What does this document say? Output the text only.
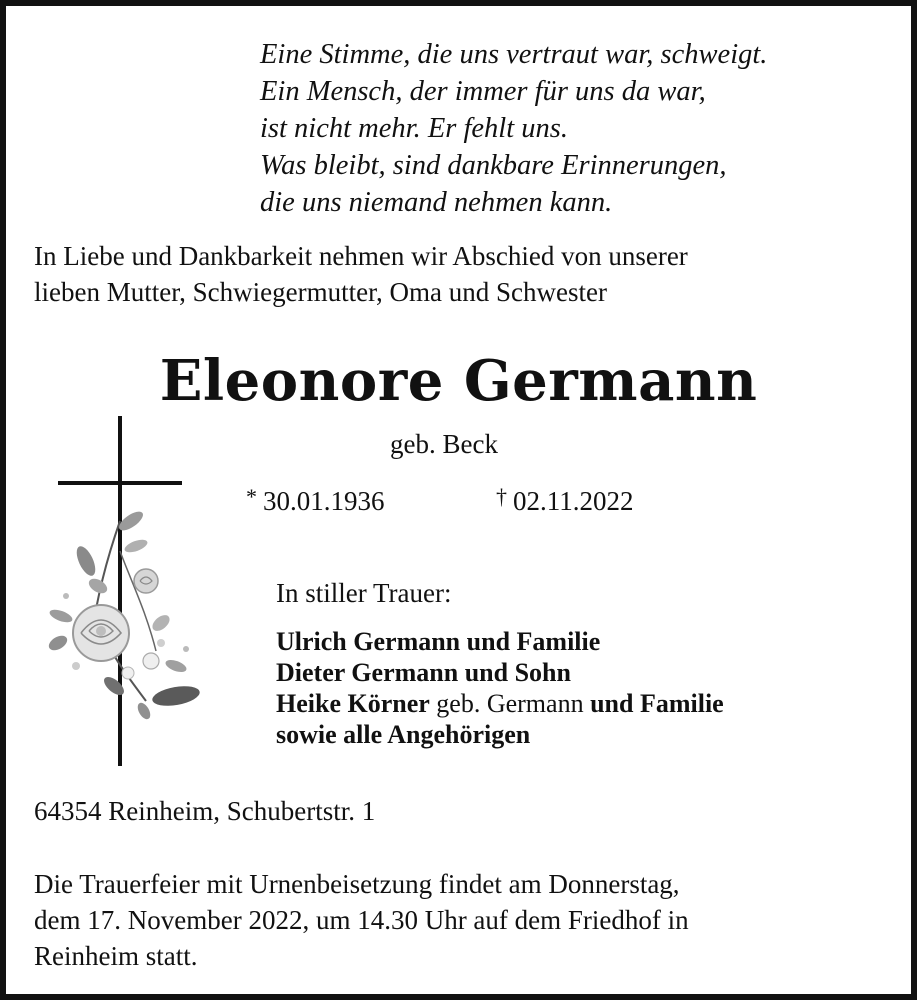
Eine Stimme, die uns vertraut war, schweigt.
Ein Mensch, der immer für uns da war,
ist nicht mehr. Er fehlt uns.
Was bleibt, sind dankbare Erinnerungen,
die uns niemand nehmen kann.
In Liebe und Dankbarkeit nehmen wir Abschied von unserer
lieben Mutter, Schwiegermutter, Oma und Schwester
Eleonore Germann
geb. Beck
* 30.01.1936	† 02.11.2022
In stiller Trauer:
Ulrich Germann und Familie
Dieter Germann und Sohn
Heike Körner geb. Germann und Familie
sowie alle Angehörigen
64354 Reinheim, Schubertstr. 1
Die Trauerfeier mit Urnenbeisetzung findet am Donnerstag,
dem 17. November 2022, um 14.30 Uhr auf dem Friedhof in
Reinheim statt.
